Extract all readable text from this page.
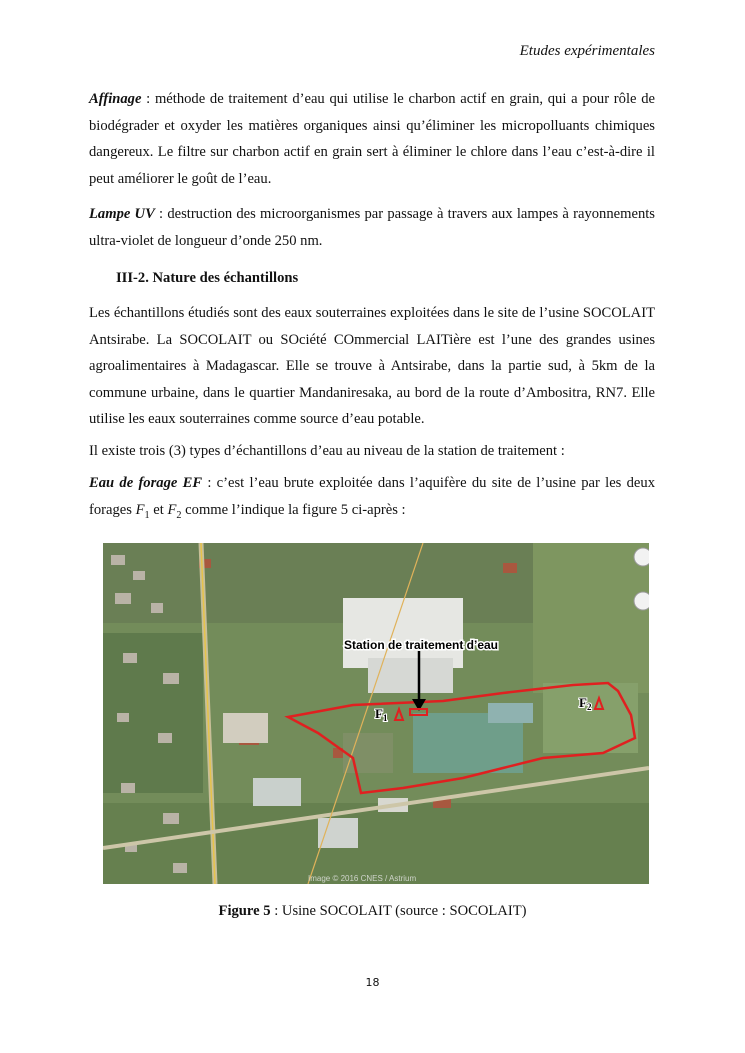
Etudes expérimentales

Affinage : méthode de traitement d’eau qui utilise le charbon actif en grain, qui a pour rôle de biodégrader et oxyder les matières organiques ainsi qu’éliminer les micropolluants chimiques dangereux. Le filtre sur charbon actif en grain sert à éliminer le chlore dans l’eau c’est-à-dire il peut améliorer le goût de l’eau.

Lampe UV : destruction des microorganismes par passage à travers aux lampes à rayonnements ultra-violet de longueur d’onde 250 nm.

III-2. Nature des échantillons

Les échantillons étudiés sont des eaux souterraines exploitées dans le site de l’usine SOCOLAIT Antsirabe. La SOCOLAIT ou SOciété COmmercial LAITière est l’une des grandes usines agroalimentaires à Madagascar. Elle se trouve à Antsirabe, dans la partie sud, à 5km de la commune urbaine, dans le quartier Mandaniresaka, au bord de la route d’Ambositra, RN7. Elle utilise les eaux souterraines comme source d’eau potable.

Il existe trois (3) types d’échantillons d’eau au niveau de la station de traitement :

Eau de forage EF : c’est l’eau brute exploitée dans l’aquifère du site de l’usine par les deux forages $F_1$ et $F_2$ comme l’indique la figure 5 ci-après :

Station de traitement d’eau
$F_1$
$F_2$
Image © 2016 CNES / Astrium
Figure 5 : Usine SOCOLAIT (source : SOCOLAIT)
18
